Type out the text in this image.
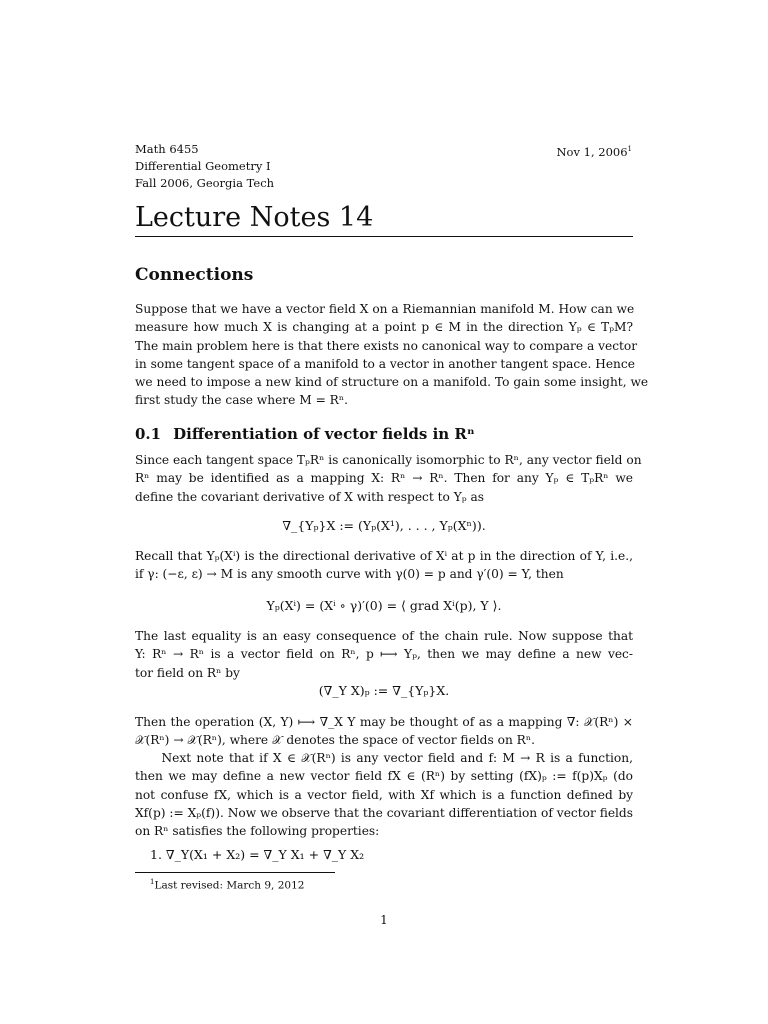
Math 6455
Differential Geometry I
Fall 2006, Georgia Tech
Nov 1, 2006$^1$
Lecture Notes 14
Connections
Suppose that we have a vector field X on a Riemannian manifold M. How can we
measure how much X is changing at a point p ∈ M in the direction Yₚ ∈ TₚM?
The main problem here is that there exists no canonical way to compare a vector
in some tangent space of a manifold to a vector in another tangent space. Hence
we need to impose a new kind of structure on a manifold. To gain some insight, we
first study the case where M = Rⁿ.
0.1 Differentiation of vector fields in Rⁿ
Since each tangent space TₚRⁿ is canonically isomorphic to Rⁿ, any vector field on
Rⁿ may be identified as a mapping X: Rⁿ → Rⁿ. Then for any Yₚ ∈ TₚRⁿ we
define the covariant derivative of X with respect to Yₚ as
∇_{Yₚ}X := (Yₚ(X¹), . . . , Yₚ(Xⁿ)).
Recall that Yₚ(Xⁱ) is the directional derivative of Xⁱ at p in the direction of Y, i.e.,
if γ: (−ε, ε) → M is any smooth curve with γ(0) = p and γ′(0) = Y, then
Yₚ(Xⁱ) = (Xⁱ ∘ γ)′(0) = ⟨ grad Xⁱ(p), Y ⟩.
The last equality is an easy consequence of the chain rule. Now suppose that
Y: Rⁿ → Rⁿ is a vector field on Rⁿ, p ⟼ Yₚ, then we may define a new vec-
tor field on Rⁿ by
(∇_Y X)ₚ := ∇_{Yₚ}X.
Then the operation (X, Y) ⟼ ∇_X Y may be thought of as a mapping ∇: 𝒳(Rⁿ) ×
𝒳(Rⁿ) → 𝒳(Rⁿ), where 𝒳 denotes the space of vector fields on Rⁿ.
Next note that if X ∈ 𝒳(Rⁿ) is any vector field and f: M → R is a function,
then we may define a new vector field fX ∈ (Rⁿ) by setting (fX)ₚ := f(p)Xₚ (do
not confuse fX, which is a vector field, with Xf which is a function defined by
Xf(p) := Xₚ(f)). Now we observe that the covariant differentiation of vector fields
on Rⁿ satisfies the following properties:
1. ∇_Y(X₁ + X₂) = ∇_Y X₁ + ∇_Y X₂
$^1$Last revised: March 9, 2012
1
